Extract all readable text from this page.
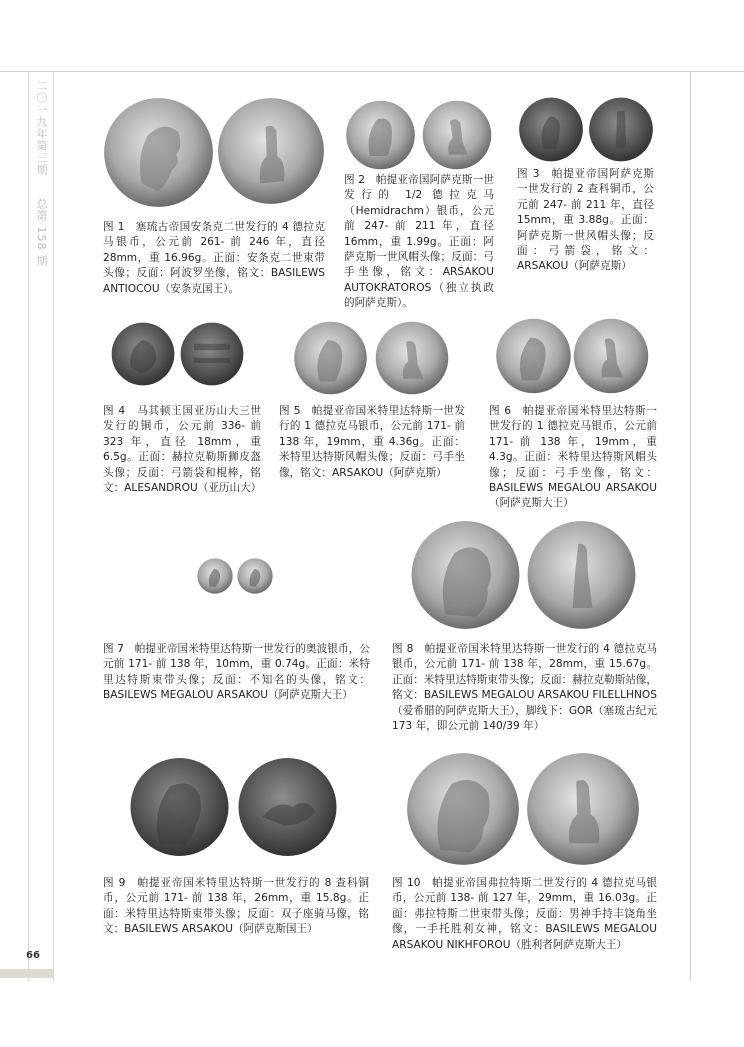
二〇一九年第三期
总第 158 期
66
图 1　塞琉古帝国安条克二世发行的 4 德拉克马银币，公元前 261- 前 246 年，直径 28mm，重 16.96g。正面：安条克二世束带头像；反面：阿波罗坐像，铭文：BASILEWS ANTIOCOU（安条克国王）。
图 2　帕提亚帝国阿萨克斯一世发行的 1/2 德拉克马（Hemidrachm）银币，公元前 247- 前 211 年，直径 16mm，重 1.99g。正面：阿萨克斯一世风帽头像；反面：弓手坐像，铭文：ARSAKOU AUTOKRATOROS（独立执政的阿萨克斯）。
图 3　帕提亚帝国阿萨克斯一世发行的 2 查科铜币，公元前 247- 前 211 年，直径 15mm，重 3.88g。正面：阿萨克斯一世风帽头像；反面：弓箭袋，铭文：ARSAKOU（阿萨克斯）
图 4　马其顿王国亚历山大三世发行的铜币，公元前 336- 前 323 年，直径 18mm，重 6.5g。正面：赫拉克勒斯狮皮盔头像；反面：弓箭袋和棍棒，铭文：ALESANDROU（亚历山大）
图 5　帕提亚帝国米特里达特斯一世发行的 1 德拉克马银币，公元前 171- 前 138 年，19mm，重 4.36g。正面：米特里达特斯风帽头像；反面：弓手坐像，铭文：ARSAKOU（阿萨克斯）
图 6　帕提亚帝国米特里达特斯一世发行的 1 德拉克马银币，公元前 171- 前 138 年，19mm，重 4.3g。正面：米特里达特斯风帽头像；反面：弓手坐像，铭文：BASILEWS MEGALOU ARSAKOU（阿萨克斯大王）
图 7　帕提亚帝国米特里达特斯一世发行的奥波银币，公元前 171- 前 138 年，10mm，重 0.74g。正面：米特里达特斯束带头像；反面：不知名的头像，铭文：BASILEWS MEGALOU ARSAKOU（阿萨克斯大王）
图 8　帕提亚帝国米特里达特斯一世发行的 4 德拉克马银币，公元前 171- 前 138 年，28mm，重 15.67g。正面：米特里达特斯束带头像；反面：赫拉克勒斯站像，铭文：BASILEWS MEGALOU ARSAKOU FILELLHNOS（爱希腊的阿萨克斯大王），脚线下：GOR（塞琉古纪元 173 年，即公元前 140/39 年）
图 9　帕提亚帝国米特里达特斯一世发行的 8 查科铜币，公元前 171- 前 138 年，26mm，重 15.8g。正面：米特里达特斯束带头像；反面：双子座骑马像，铭文：BASILEWS ARSAKOU（阿萨克斯国王）
图 10　帕提亚帝国弗拉特斯二世发行的 4 德拉克马银币，公元前 138- 前 127 年，29mm，重 16.03g。正面：弗拉特斯二世束带头像；反面：男神手持丰饶角坐像，一手托胜利女神，铭文：BASILEWS MEGALOU ARSAKOU NIKHFOROU（胜利者阿萨克斯大王）
